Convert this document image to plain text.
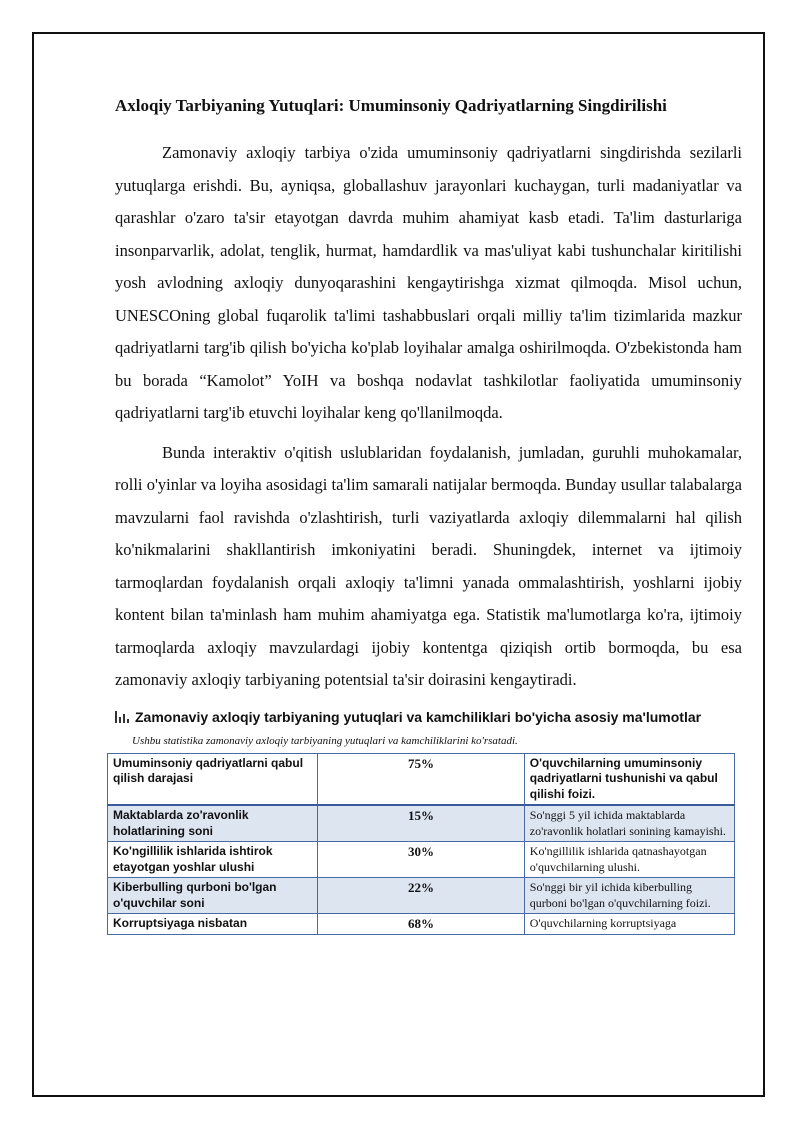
Axloqiy Tarbiyaning Yutuqlari: Umuminsoniy Qadriyatlarning Singdirilishi

Zamonaviy axloqiy tarbiya o'zida umuminsoniy qadriyatlarni singdirishda sezilarli yutuqlarga erishdi. Bu, ayniqsa, globallashuv jarayonlari kuchaygan, turli madaniyatlar va qarashlar o'zaro ta'sir etayotgan davrda muhim ahamiyat kasb etadi. Ta'lim dasturlariga insonparvarlik, adolat, tenglik, hurmat, hamdardlik va mas'uliyat kabi tushunchalar kiritilishi yosh avlodning axloqiy dunyoqarashini kengaytirishga xizmat qilmoqda. Misol uchun, UNESCOning global fuqarolik ta'limi tashabbuslari orqali milliy ta'lim tizimlarida mazkur qadriyatlarni targ'ib qilish bo'yicha ko'plab loyihalar amalga oshirilmoqda. O'zbekistonda ham bu borada “Kamolot” YoIH va boshqa nodavlat tashkilotlar faoliyatida umuminsoniy qadriyatlarni targ'ib etuvchi loyihalar keng qo'llanilmoqda.

Bunda interaktiv o'qitish uslublaridan foydalanish, jumladan, guruhli muhokamalar, rolli o'yinlar va loyiha asosidagi ta'lim samarali natijalar bermoqda. Bunday usullar talabalarga mavzularni faol ravishda o'zlashtirish, turli vaziyatlarda axloqiy dilemmalarni hal qilish ko'nikmalarini shakllantirish imkoniyatini beradi. Shuningdek, internet va ijtimoiy tarmoqlardan foydalanish orqali axloqiy ta'limni yanada ommalashtirish, yoshlarni ijobiy kontent bilan ta'minlash ham muhim ahamiyatga ega. Statistik ma'lumotlarga ko'ra, ijtimoiy tarmoqlarda axloqiy mavzulardagi ijobiy kontentga qiziqish ortib bormoqda, bu esa zamonaviy axloqiy tarbiyaning potentsial ta'sir doirasini kengaytiradi.

Zamonaviy axloqiy tarbiyaning yutuqlari va kamchiliklari bo'yicha asosiy ma'lumotlar
Ushbu statistika zamonaviy axloqiy tarbiyaning yutuqlari va kamchiliklarini ko'rsatadi.
Umuminsoniy qadriyatlarni qabul qilish darajasi	75%	O'quvchilarning umuminsoniy qadriyatlarni tushunishi va qabul qilishi foizi.
Maktablarda zo'ravonlik holatlarining soni	15%	So'nggi 5 yil ichida maktablarda zo'ravonlik holatlari sonining kamayishi.
Ko'ngillilik ishlarida ishtirok etayotgan yoshlar ulushi	30%	Ko'ngillilik ishlarida qatnashayotgan o'quvchilarning ulushi.
Kiberbulling qurboni bo'lgan o'quvchilar soni	22%	So'nggi bir yil ichida kiberbulling qurboni bo'lgan o'quvchilarning foizi.
Korruptsiyaga nisbatan	68%	O'quvchilarning korruptsiyaga
